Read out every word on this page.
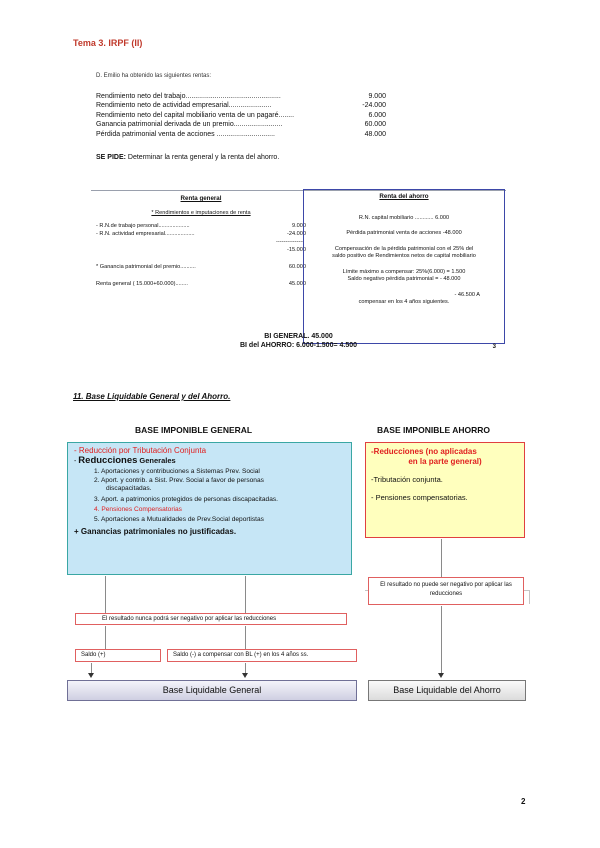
Tema 3. IRPF (II)
D. Emilio ha obtenido las siguientes rentas:
Rendimiento neto del trabajo.................................................	9.000
Rendimiento neto de actividad empresarial......................	-24.000
Rendimiento neto del capital mobiliario venta de un pagaré........	6.000
Ganancia patrimonial derivada de un premio.........................	60.000
Pérdida patrimonial venta de acciones ..............................	48.000
SE PIDE: Determinar la renta general y la renta del ahorro.
Renta general
* Rendimientos e imputaciones de renta
- R.N.de trabajo personal....................	9.000
- R.N. actividad empresarial...................	-24.000
---------------
-15.000
* Ganancia patrimonial del premio..........	60.000
Renta general ( 15.000+60.000)........	45.000
Renta del ahorro
R.N. capital mobiliario ............ 6.000
Pérdida patrimonial venta de acciones -48.000
Compensación de la pérdida patrimonial con el 25% del
saldo positivo de Rendimientos netos de capital mobiliario
Límite máximo a compensar: 25%(6.000) = 1.500
Saldo negativo pérdida patrimonial = - 48.000
- 46.500 A
compensar en los 4 años siguientes.
BI GENERAL. 45.000
BI del AHORRO: 6.000-1.500= 4.500	3
11. Base Liquidable General y del Ahorro.
BASE IMPONIBLE GENERAL	BASE IMPONIBLE AHORRO
- Reducción por Tributación Conjunta
- Reducciones Generales
1. Aportaciones y contribuciones a Sistemas Prev. Social
2. Aport. y contrib. a Sist. Prev. Social a favor de personas
discapacitadas.
3. Aport. a patrimonios protegidos de personas discapacitadas.
4. Pensiones Compensatorias
5. Aportaciones a Mutualidades de Prev.Social deportistas
+ Ganancias patrimoniales no justificadas.
-Reducciones (no aplicadas
en la parte general)
-Tributación conjunta.
- Pensiones compensatorias.
El resultado no puede ser negativo por aplicar las reducciones
El resultado nunca podrá ser negativo por aplicar las reducciones
Saldo (+)	Saldo (-) a compensar con BL (+) en los 4 años ss.
Base Liquidable General	Base Liquidable del Ahorro
2
